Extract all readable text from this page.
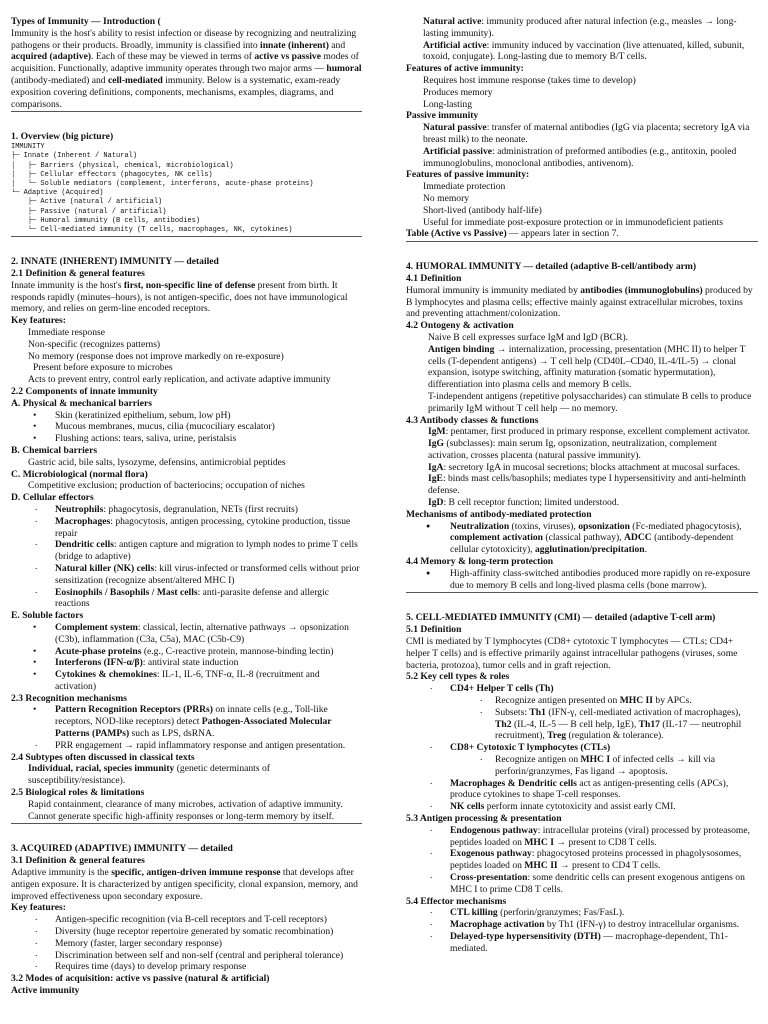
Types of Immunity — Introduction (
Immunity is the host's ability to resist infection or disease by recognizing and neutralizing pathogens or their products. Broadly, immunity is classified into innate (inherent) and acquired (adaptive). Each of these may be viewed in terms of active vs passive modes of acquisition. Functionally, adaptive immunity operates through two major arms — humoral (antibody-mediated) and cell-mediated immunity. Below is a systematic, exam-ready exposition covering definitions, components, mechanisms, examples, diagrams, and comparisons.

1. Overview (big picture)

IMMUNITY
├─ Innate (Inherent / Natural)
│   ├─ Barriers (physical, chemical, microbiological)
│   ├─ Cellular effectors (phagocytes, NK cells)
│   └─ Soluble mediators (complement, interferons, acute-phase proteins)
└─ Adaptive (Acquired)
├─ Active (natural / artificial)
├─ Passive (natural / artificial)
├─ Humoral immunity (B cells, antibodies)
└─ Cell-mediated immunity (T cells, macrophages, NK, cytokines)

2. INNATE (INHERENT) IMMUNITY — detailed

2.1 Definition & general features

Innate immunity is the host's first, non-specific line of defense present from birth. It responds rapidly (minutes–hours), is not antigen-specific, does not have immunological memory, and relies on germ-line encoded receptors.

Key features:

Immediate response

Non-specific (recognizes patterns)

No memory (response does not improve markedly on re-exposure)

Present before exposure to microbes

Acts to prevent entry, control early replication, and activate adaptive immunity

2.2 Components of innate immunity

A. Physical & mechanical barriers

• Skin (keratinized epithelium, sebum, low pH)
• Mucous membranes, mucus, cilia (mucociliary escalator)
• Flushing actions: tears, saliva, urine, peristalsis

B. Chemical barriers

Gastric acid, bile salts, lysozyme, defensins, antimicrobial peptides

C. Microbiological (normal flora)

Competitive exclusion; production of bacteriocins; occupation of niches

D. Cellular effectors

. Neutrophils: phagocytosis, degranulation, NETs (first recruits)
. Macrophages: phagocytosis, antigen processing, cytokine production, tissue repair
. Dendritic cells: antigen capture and migration to lymph nodes to prime T cells (bridge to adaptive)
. Natural killer (NK) cells: kill virus-infected or transformed cells without prior sensitization (recognize absent/altered MHC I)
. Eosinophils / Basophils / Mast cells: anti-parasite defense and allergic reactions

E. Soluble factors

• Complement system: classical, lectin, alternative pathways → opsonization (C3b), inflammation (C3a, C5a), MAC (C5b-C9)
• Acute-phase proteins (e.g., C-reactive protein, mannose-binding lectin)
• Interferons (IFN-α/β): antiviral state induction
• Cytokines & chemokines: IL-1, IL-6, TNF-α, IL-8 (recruitment and activation)

2.3 Recognition mechanisms

• Pattern Recognition Receptors (PRRs) on innate cells (e.g., Toll-like receptors, NOD-like receptors) detect Pathogen-Associated Molecular Patterns (PAMPs) such as LPS, dsRNA.
. PRR engagement → rapid inflammatory response and antigen presentation.

2.4 Subtypes often discussed in classical texts

Individual, racial, species immunity (genetic determinants of susceptibility/resistance).

2.5 Biological roles & limitations

Rapid containment, clearance of many microbes, activation of adaptive immunity.

Cannot generate specific high-affinity responses or long-term memory by itself.

3. ACQUIRED (ADAPTIVE) IMMUNITY — detailed

3.1 Definition & general features

Adaptive immunity is the specific, antigen-driven immune response that develops after antigen exposure. It is characterized by antigen specificity, clonal expansion, memory, and improved effectiveness upon secondary exposure.

Key features:

. Antigen-specific recognition (via B-cell receptors and T-cell receptors)
. Diversity (huge receptor repertoire generated by somatic recombination)
. Memory (faster, larger secondary response)
. Discrimination between self and non-self (central and peripheral tolerance)
. Requires time (days) to develop primary response

3.2 Modes of acquisition: active vs passive (natural & artificial)

Active immunity

Natural active: immunity produced after natural infection (e.g., measles → long-lasting immunity).

Artificial active: immunity induced by vaccination (live attenuated, killed, subunit, toxoid, conjugate). Long-lasting due to memory B/T cells.

Features of active immunity:

Requires host immune response (takes time to develop)

Produces memory

Long-lasting

Passive immunity

Natural passive: transfer of maternal antibodies (IgG via placenta; secretory IgA via breast milk) to the neonate.

Artificial passive: administration of preformed antibodies (e.g., antitoxin, pooled immunoglobulins, monoclonal antibodies, antivenom).

Features of passive immunity:

Immediate protection

No memory

Short-lived (antibody half-life)

Useful for immediate post-exposure protection or in immunodeficient patients

Table (Active vs Passive) — appears later in section 7.

4. HUMORAL IMMUNITY — detailed (adaptive B-cell/antibody arm)

4.1 Definition

Humoral immunity is immunity mediated by antibodies (immunoglobulins) produced by B lymphocytes and plasma cells; effective mainly against extracellular microbes, toxins and preventing attachment/colonization.

4.2 Ontogeny & activation

Naive B cell expresses surface IgM and IgD (BCR).

Antigen binding → internalization, processing, presentation (MHC II) to helper T cells (T-dependent antigens) → T cell help (CD40L–CD40, IL-4/IL-5) → clonal expansion, isotype switching, affinity maturation (somatic hypermutation), differentiation into plasma cells and memory B cells.

T-independent antigens (repetitive polysaccharides) can stimulate B cells to produce primarily IgM without T cell help — no memory.

4.3 Antibody classes & functions

IgM: pentamer, first produced in primary response, excellent complement activator.

IgG (subclasses): main serum Ig, opsonization, neutralization, complement activation, crosses placenta (natural passive immunity).

IgA: secretory IgA in mucosal secretions; blocks attachment at mucosal surfaces.

IgE: binds mast cells/basophils; mediates type I hypersensitivity and anti-helminth defense.

IgD: B cell receptor function; limited understood.

Mechanisms of antibody-mediated protection

● Neutralization (toxins, viruses), opsonization (Fc-mediated phagocytosis), complement activation (classical pathway), ADCC (antibody-dependent cellular cytotoxicity), agglutination/precipitation.

4.4 Memory & long-term protection

● High-affinity class-switched antibodies produced more rapidly on re-exposure due to memory B cells and long-lived plasma cells (bone marrow).

5. CELL-MEDIATED IMMUNITY (CMI) — detailed (adaptive T-cell arm)

5.1 Definition

CMI is mediated by T lymphocytes (CD8+ cytotoxic T lymphocytes — CTLs; CD4+ helper T cells) and is effective primarily against intracellular pathogens (viruses, some bacteria, protozoa), tumor cells and in graft rejection.

5.2 Key cell types & roles

. CD4+ Helper T cells (Th)
. Recognize antigen presented on MHC II by APCs.
. Subsets: Th1 (IFN-γ, cell-mediated activation of macrophages), Th2 (IL-4, IL-5 — B cell help, IgE), Th17 (IL-17 — neutrophil recruitment), Treg (regulation & tolerance).
. CD8+ Cytotoxic T lymphocytes (CTLs)
. Recognize antigen on MHC I of infected cells → kill via perforin/granzymes, Fas ligand → apoptosis.
. Macrophages & Dendritic cells act as antigen-presenting cells (APCs), produce cytokines to shape T-cell responses.
. NK cells perform innate cytotoxicity and assist early CMI.

5.3 Antigen processing & presentation

. Endogenous pathway: intracellular proteins (viral) processed by proteasome, peptides loaded on MHC I → present to CD8 T cells.
. Exogenous pathway: phagocytosed proteins processed in phagolysosomes, peptides loaded on MHC II → present to CD4 T cells.
. Cross-presentation: some dendritic cells can present exogenous antigens on MHC I to prime CD8 T cells.

5.4 Effector mechanisms

. CTL killing (perforin/granzymes; Fas/FasL).
. Macrophage activation by Th1 (IFN-γ) to destroy intracellular organisms.
. Delayed-type hypersensitivity (DTH) — macrophage-dependent, Th1-mediated.
